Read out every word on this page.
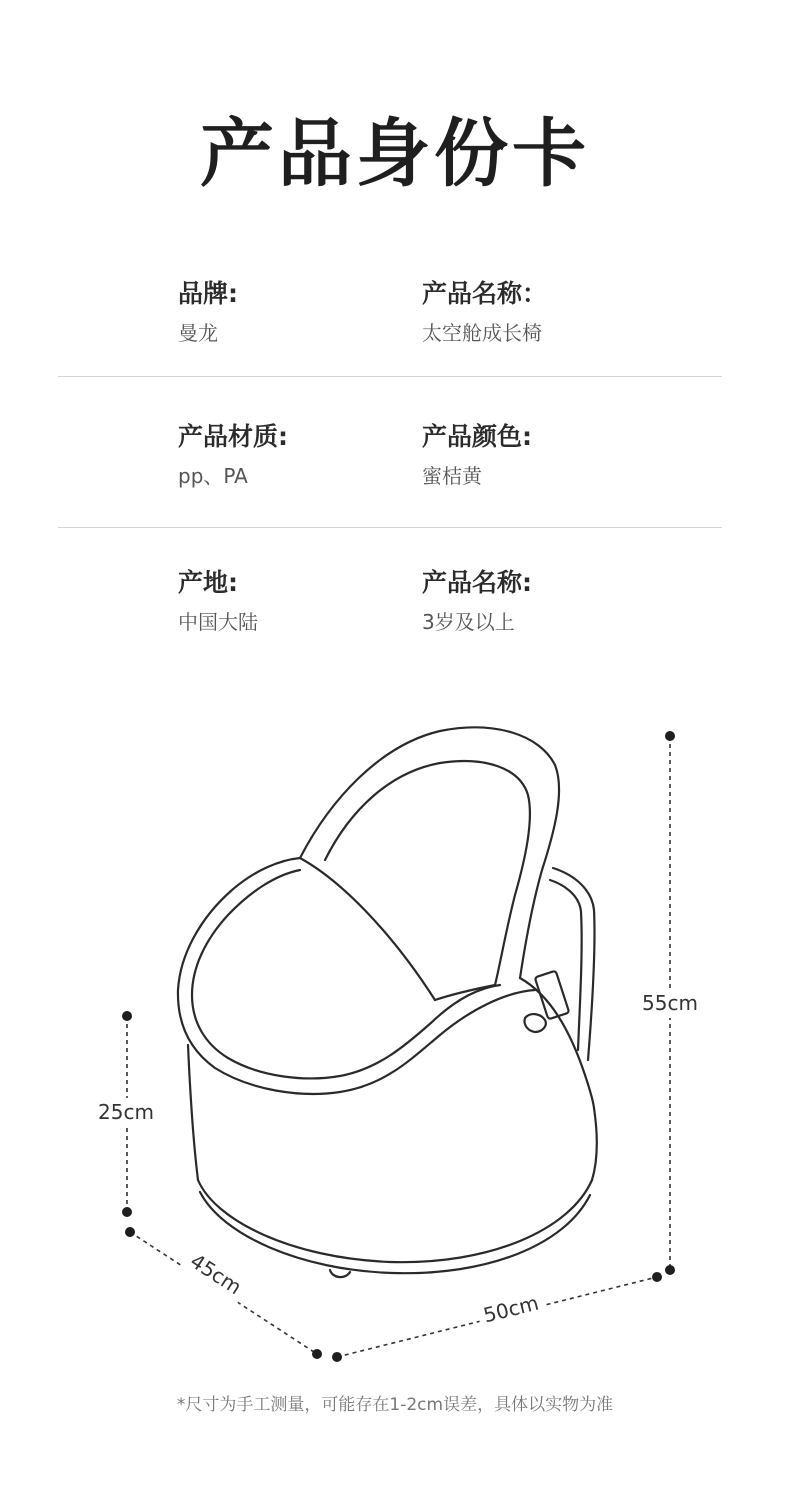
产品身份卡
品牌:
曼龙
产品名称：
太空舱成长椅
产品材质:
pp、PA
产品颜色:
蜜桔黄
产地:
中国大陆
产品名称:
3岁及以上
55cm
25cm
45cm
50cm
*尺寸为手工测量，可能存在1-2cm误差，具体以实物为准
